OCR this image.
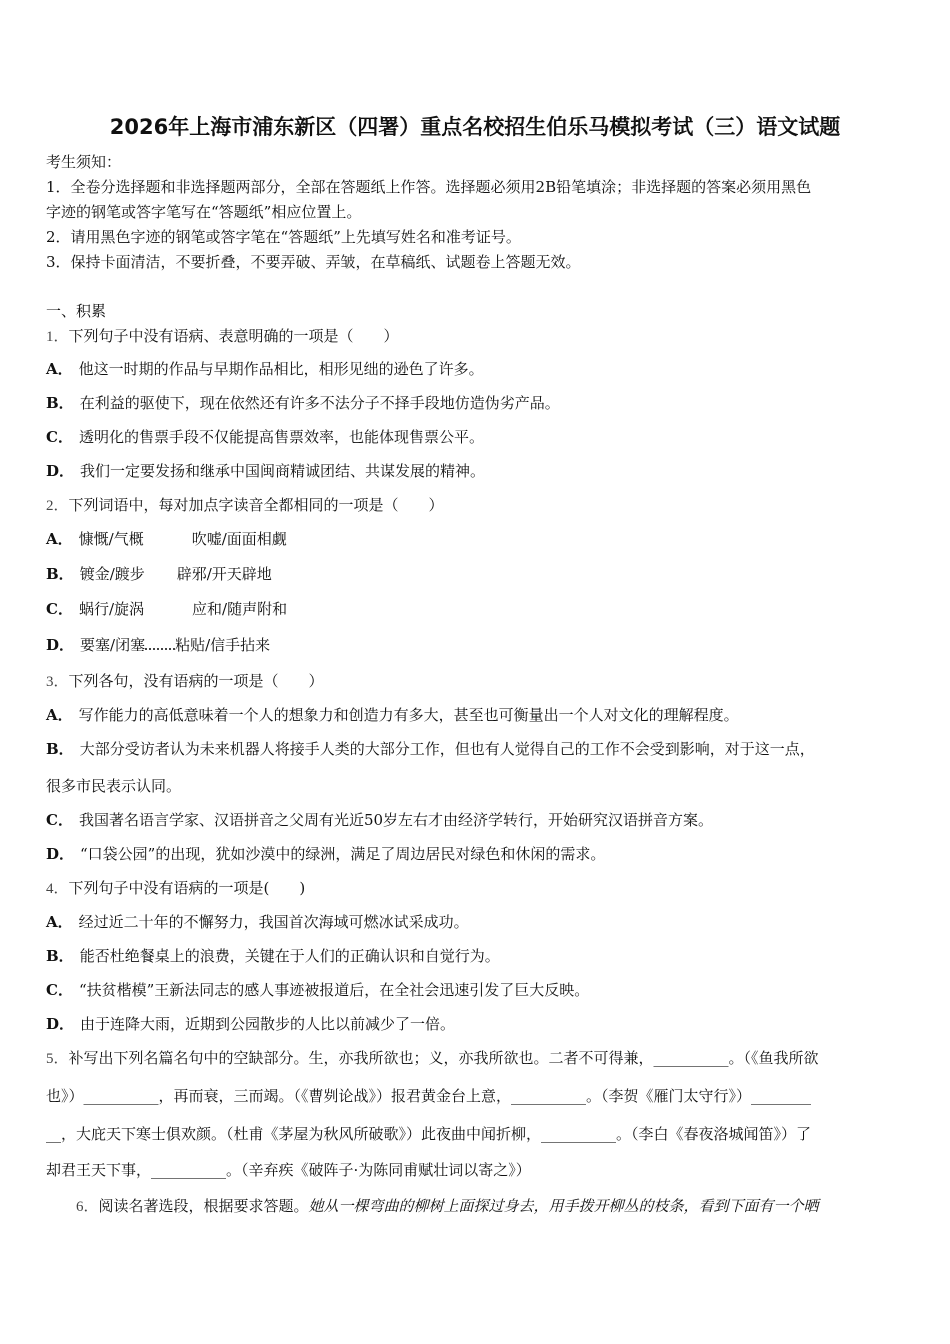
2026年上海市浦东新区（四署）重点名校招生伯乐马模拟考试（三）语文试题
考生须知：
1．全卷分选择题和非选择题两部分，全部在答题纸上作答。选择题必须用2B铅笔填涂；非选择题的答案必须用黑色
字迹的钢笔或答字笔写在“答题纸”相应位置上。
2．请用黑色字迹的钢笔或答字笔在“答题纸”上先填写姓名和准考证号。
3．保持卡面清洁，不要折叠，不要弄破、弄皱，在草稿纸、试题卷上答题无效。
一、积累
1．下列句子中没有语病、表意明确的一项是（　　）
A． 他这一时期的作品与早期作品相比，相形见绌的逊色了许多。
B． 在利益的驱使下，现在依然还有许多不法分子不择手段地仿造伪劣产品。
C． 透明化的售票手段不仅能提高售票效率，也能体现售票公平。
D． 我们一定要发扬和继承中国闽商精诚团结、共谋发展的精神。
2．下列词语中，每对加点字读音全都相同的一项是（　　）
A． 慷慨/气概	吹嘘/面面相觑
B． 镀金/踱步 辟邪/开天辟地
C． 蜗行/旋涡	应和/随声附和
D． 要塞/闭塞 粘贴/信手拈来
3．下列各句，没有语病的一项是（　　）
A． 写作能力的高低意味着一个人的想象力和创造力有多大，甚至也可衡量出一个人对文化的理解程度。
B． 大部分受访者认为未来机器人将接手人类的大部分工作，但也有人觉得自己的工作不会受到影响，对于这一点，
很多市民表示认同。
C． 我国著名语言学家、汉语拼音之父周有光近50岁左右才由经济学转行，开始研究汉语拼音方案。
D． “口袋公园”的出现，犹如沙漠中的绿洲，满足了周边居民对绿色和休闲的需求。
4．下列句子中没有语病的一项是(　　)
A． 经过近二十年的不懈努力，我国首次海域可燃冰试采成功。
B． 能否杜绝餐桌上的浪费，关键在于人们的正确认识和自觉行为。
C． “扶贫楷模”王新法同志的感人事迹被报道后，在全社会迅速引发了巨大反映。
D． 由于连降大雨，近期到公园散步的人比以前减少了一倍。
5．补写出下列名篇名句中的空缺部分。生，亦我所欲也；义，亦我所欲也。二者不可得兼，__________。（《鱼我所欲
也》）__________，再而衰，三而竭。（《曹刿论战》）报君黄金台上意，__________。（李贺《雁门太守行》）________
__，大庇天下寒士俱欢颜。（杜甫《茅屋为秋风所破歌》）此夜曲中闻折柳，__________。（李白《春夜洛城闻笛》）了
却君王天下事，__________。（辛弃疾《破阵子·为陈同甫赋壮词以寄之》）
6．阅读名著选段，根据要求答题。她从一棵弯曲的柳树上面探过身去，用手拨开柳丛的枝条，看到下面有一个晒
